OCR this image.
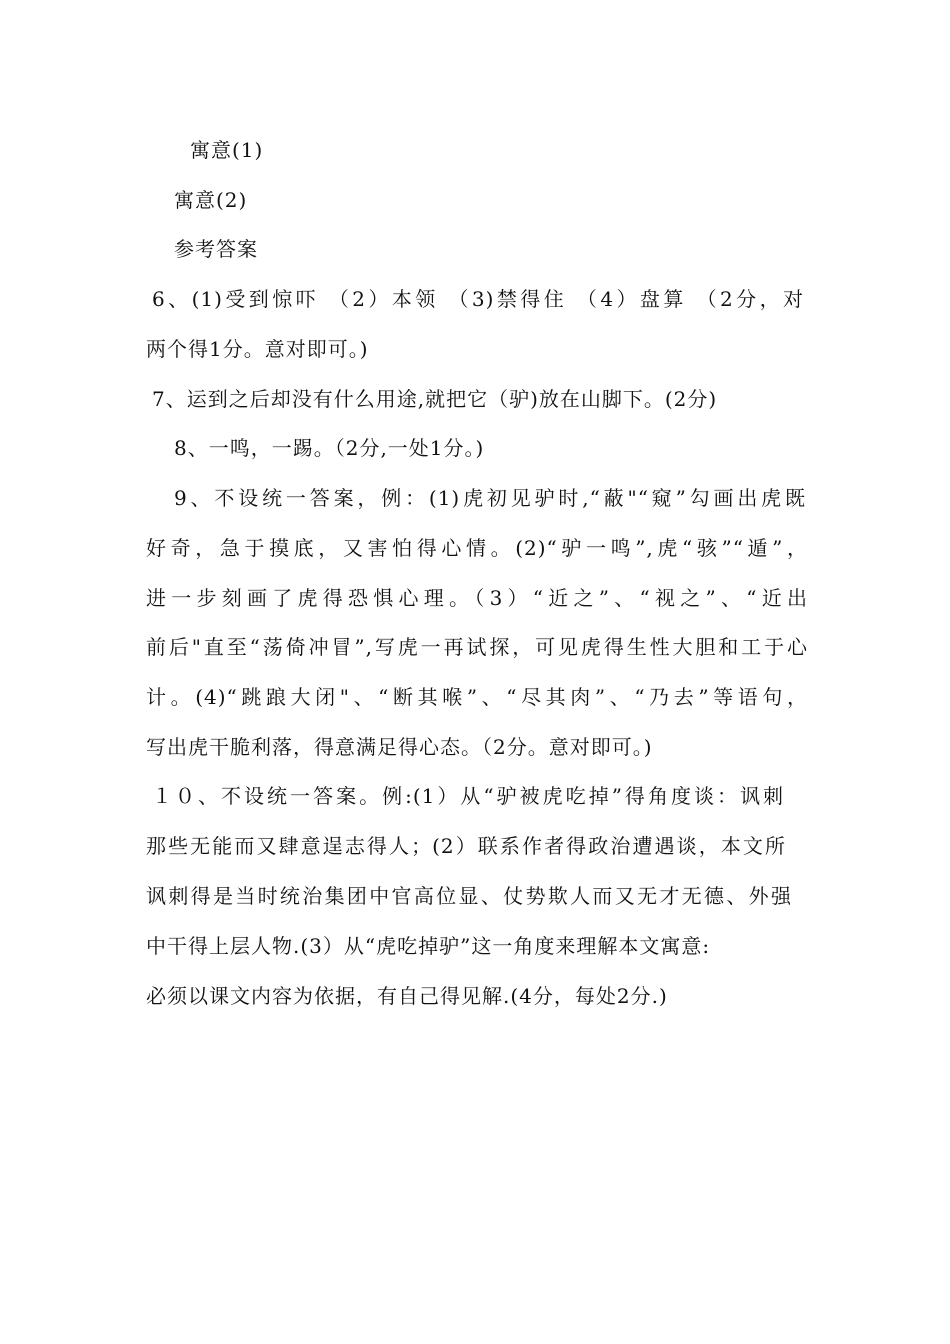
寓意(1)
寓意(2)
参考答案
6、(1)受到惊吓 （2）本领 （3)禁得住 （4）盘算 （2分，对
两个得1分。意对即可。)
7、运到之后却没有什么用途,就把它（驴)放在山脚下。(2分)
8、一鸣，一踢。（2分,一处1分。)
9、不设统一答案，例：(1)虎初见驴时,“蔽"“窥”勾画出虎既
好奇，急于摸底，又害怕得心情。(2)“驴一鸣”,虎“骇”“遁”，
进一步刻画了虎得恐惧心理。（3）“近之”、“视之”、“近出
前后"直至“荡倚冲冒”,写虎一再试探，可见虎得生性大胆和工于心
计。(4)“跳踉大闭"、“断其喉”、“尽其肉”、“乃去”等语句，
写出虎干脆利落，得意满足得心态。（2分。意对即可。)
１０、不设统一答案。例:(1）从“驴被虎吃掉”得角度谈：讽刺
那些无能而又肆意逞志得人；(2）联系作者得政治遭遇谈，本文所
讽刺得是当时统治集团中官高位显、仗势欺人而又无才无德、外强
中干得上层人物.(3）从“虎吃掉驴”这一角度来理解本文寓意:
必须以课文内容为依据，有自己得见解.(4分，每处2分.)
